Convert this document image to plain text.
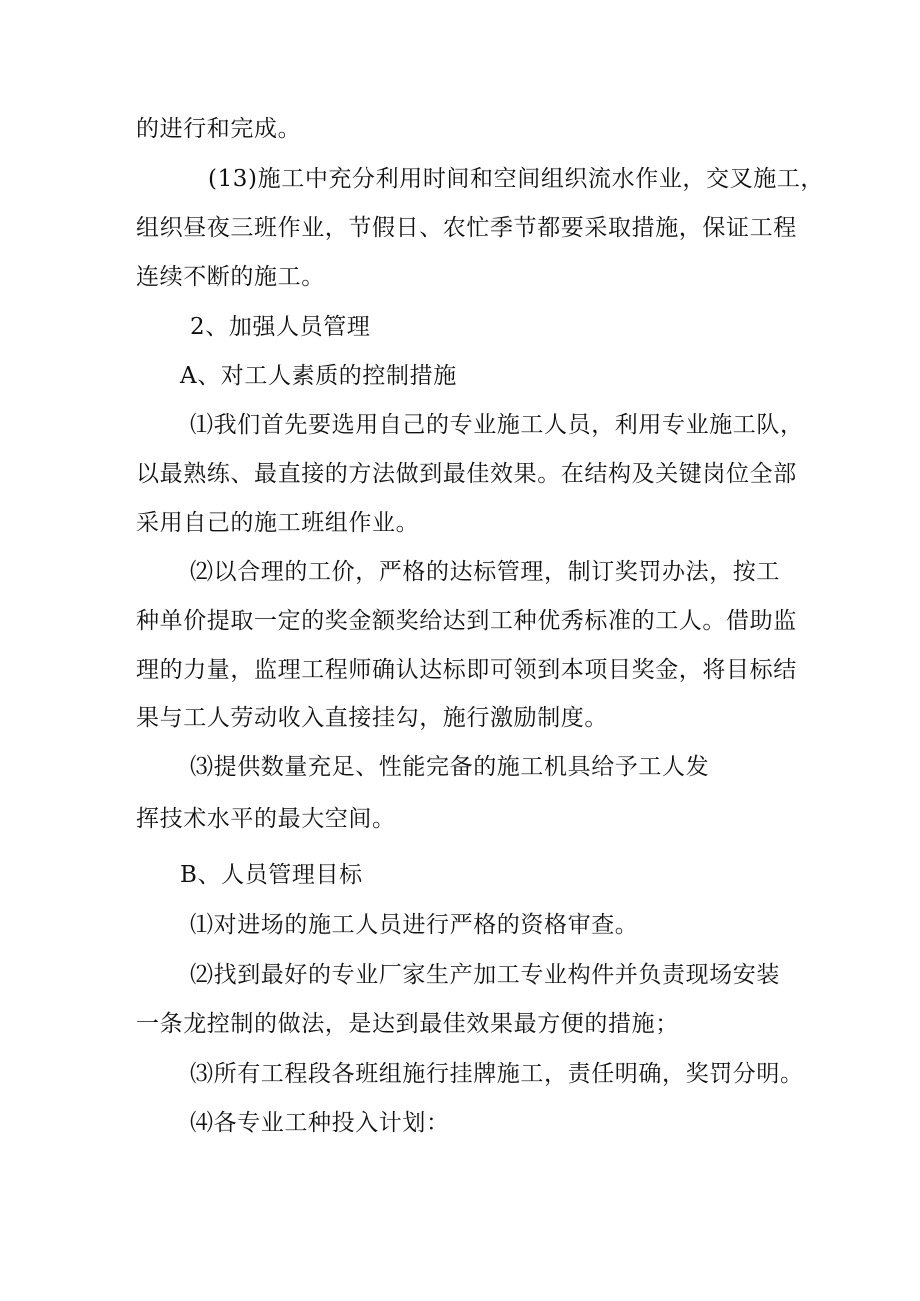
的进行和完成。

(13)施工中充分利用时间和空间组织流水作业，交叉施工，

组织昼夜三班作业，节假日、农忙季节都要采取措施，保证工程

连续不断的施工。

2、加强人员管理

A、对工人素质的控制措施

⑴我们首先要选用自己的专业施工人员，利用专业施工队，

以最熟练、最直接的方法做到最佳效果。在结构及关键岗位全部

采用自己的施工班组作业。

⑵以合理的工价，严格的达标管理，制订奖罚办法，按工

种单价提取一定的奖金额奖给达到工种优秀标准的工人。借助监

理的力量，监理工程师确认达标即可领到本项目奖金，将目标结

果与工人劳动收入直接挂勾，施行激励制度。

⑶提供数量充足、性能完备的施工机具给予工人发

挥技术水平的最大空间。

B、人员管理目标

⑴对进场的施工人员进行严格的资格审查。

⑵找到最好的专业厂家生产加工专业构件并负责现场安装

一条龙控制的做法，是达到最佳效果最方便的措施；

⑶所有工程段各班组施行挂牌施工，责任明确，奖罚分明。

⑷各专业工种投入计划：
